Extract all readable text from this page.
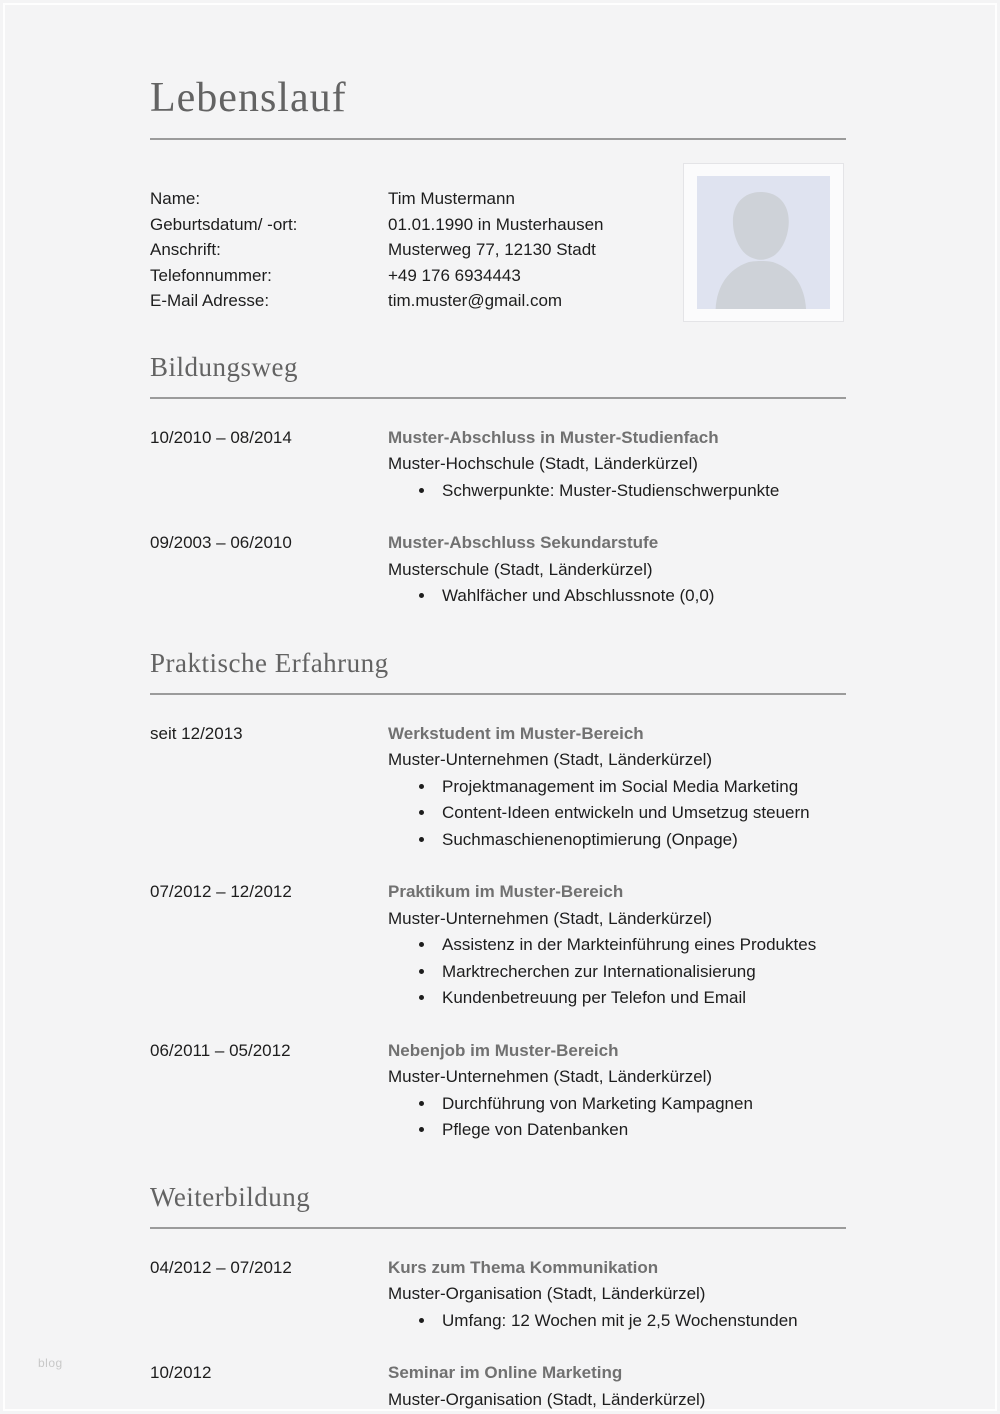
Lebenslauf
Name:	Tim Mustermann
Geburtsdatum/ -ort:	01.01.1990 in Musterhausen
Anschrift:	Musterweg 77, 12130 Stadt
Telefonnummer:	+49 176 6934443
E-Mail Adresse:	tim.muster@gmail.com
Bildungsweg
10/2010 – 08/2014	Muster-Abschluss in Muster-Studienfach
Muster-Hochschule (Stadt, Länderkürzel)
• Schwerpunkte: Muster-Studienschwerpunkte
09/2003 – 06/2010	Muster-Abschluss Sekundarstufe
Musterschule (Stadt, Länderkürzel)
• Wahlfächer und Abschlussnote (0,0)
Praktische Erfahrung
seit 12/2013	Werkstudent im Muster-Bereich
Muster-Unternehmen (Stadt, Länderkürzel)
• Projektmanagement im Social Media Marketing
• Content-Ideen entwickeln und Umsetzug steuern
• Suchmaschienenoptimierung (Onpage)
07/2012 – 12/2012	Praktikum im Muster-Bereich
Muster-Unternehmen (Stadt, Länderkürzel)
• Assistenz in der Markteinführung eines Produktes
• Marktrecherchen zur Internationalisierung
• Kundenbetreuung per Telefon und Email
06/2011 – 05/2012	Nebenjob im Muster-Bereich
Muster-Unternehmen (Stadt, Länderkürzel)
• Durchführung von Marketing Kampagnen
• Pflege von Datenbanken
Weiterbildung
04/2012 – 07/2012	Kurs zum Thema Kommunikation
Muster-Organisation (Stadt, Länderkürzel)
• Umfang: 12 Wochen mit je 2,5 Wochenstunden
10/2012	Seminar im Online Marketing
Muster-Organisation (Stadt, Länderkürzel)
blog
